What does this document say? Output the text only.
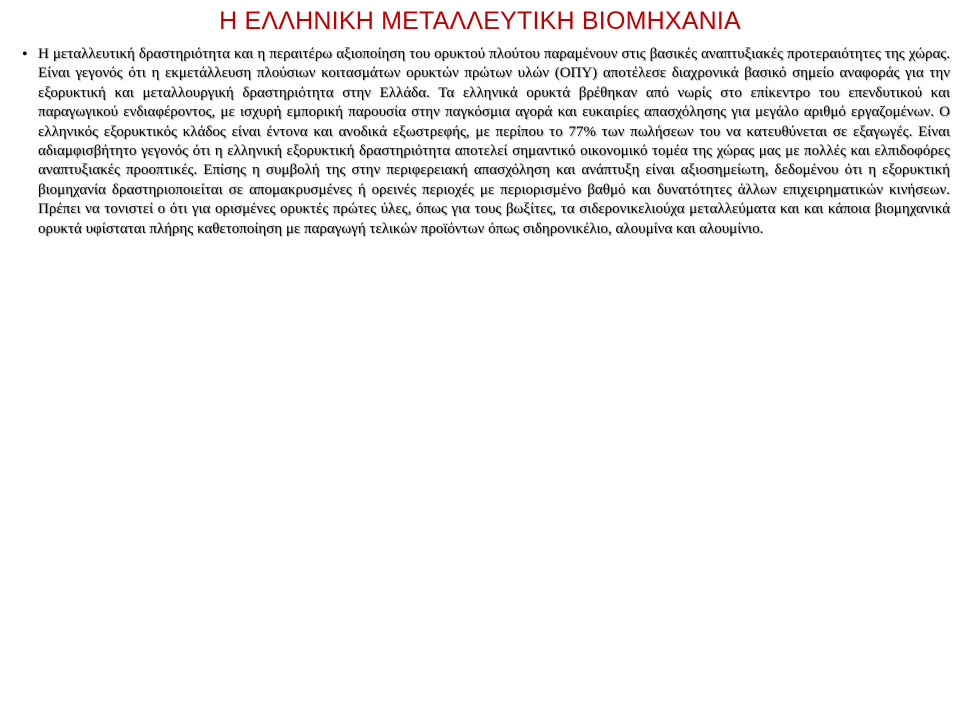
Η ΕΛΛΗΝΙΚΗ ΜΕΤΑΛΛΕΥΤΙΚΗ ΒΙΟΜΗΧΑΝΙΑ
• Η μεταλλευτική δραστηριότητα και η περαιτέρω αξιοποίηση του ορυκτού πλούτου παραμένουν στις βασικές αναπτυξιακές προτεραιότητες της χώρας. Είναι γεγονός ότι η εκμετάλλευση πλούσιων κοιτασμάτων ορυκτών πρώτων υλών (ΟΠΥ) αποτέλεσε διαχρονικά βασικό σημείο αναφοράς για την εξορυκτική και μεταλλουργική δραστηριότητα στην Ελλάδα. Τα ελληνικά ορυκτά βρέθηκαν από νωρίς στο επίκεντρο του επενδυτικού και παραγωγικού ενδιαφέροντος, με ισχυρή εμπορική παρουσία στην παγκόσμια αγορά και ευκαιρίες απασχόλησης για μεγάλο αριθμό εργαζομένων. Ο ελληνικός εξορυκτικός κλάδος είναι έντονα και ανοδικά εξωστρεφής, με περίπου το 77% των πωλήσεων του να κατευθύνεται σε εξαγωγές. Είναι αδιαμφισβήτητο γεγονός ότι η ελληνική εξορυκτική δραστηριότητα αποτελεί σημαντικό οικονομικό τομέα της χώρας μας με πολλές και ελπιδοφόρες αναπτυξιακές προοπτικές. Επίσης η συμβολή της στην περιφερειακή απασχόληση και ανάπτυξη είναι αξιοσημείωτη, δεδομένου ότι η εξορυκτική βιομηχανία δραστηριοποιείται σε απομακρυσμένες ή ορεινές περιοχές με περιορισμένο βαθμό και δυνατότητες άλλων επιχειρηματικών κινήσεων. Πρέπει να τονιστεί ο ότι για ορισμένες ορυκτές πρώτες ύλες, όπως για τους βωξίτες, τα σιδερονικελιούχα μεταλλεύματα και και κάποια βιομηχανικά ορυκτά υφίσταται πλήρης καθετοποίηση με παραγωγή τελικών προϊόντων όπως σιδηρονικέλιο, αλουμίνα και αλουμίνιο.
